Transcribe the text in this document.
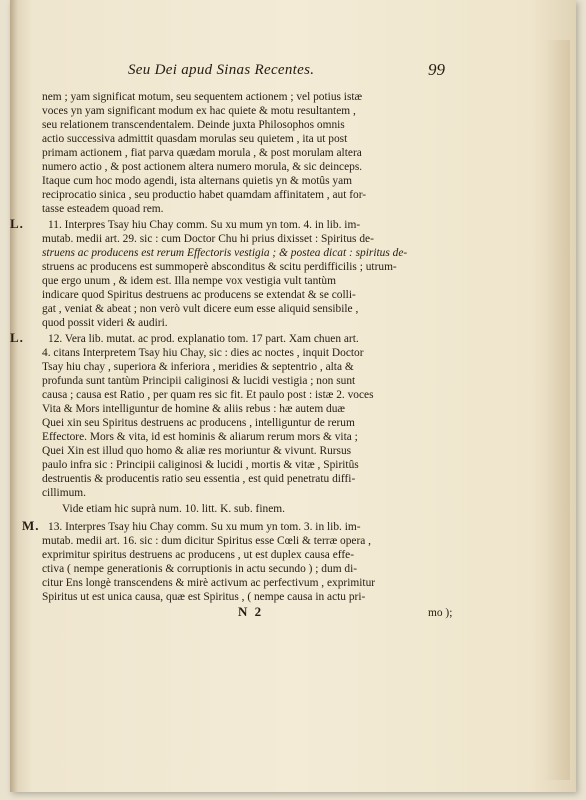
Seu Dei apud Sinas Recentes.	99
nem ; yam significat motum, seu sequentem actionem ; vel potius istæ
voces yn yam significant modum ex hac quiete & motu resultantem ,
seu relationem transcendentalem. Deinde juxta Philosophos omnis
actio successiva admittit quasdam morulas seu quietem , ita ut post
primam actionem , fiat parva quædam morula , & post morulam altera
numero actio , & post actionem altera numero morula, & sic deinceps.
Itaque cum hoc modo agendi, ista alternans quietis yn & motûs yam
reciprocatio sinica , seu productio habet quamdam affinitatem , aut for-
tasse esteadem quoad rem.
L. 11. Interpres Tsay hiu Chay comm. Su xu mum yn tom. 4. in lib. im-
mutab. medii art. 29. sic : cum Doctor Chu hi prius dixisset : Spiritus de-
struens ac producens est rerum Effectoris vestigia ; & postea dicat : spiritus de-
struens ac producens est summoperè absconditus & scitu perdifficilis ; utrum-
que ergo unum , & idem est. Illa nempe vox vestigia vult tantùm
indicare quod Spiritus destruens ac producens se extendat & se colli-
gat , veniat & abeat ; non verò vult dicere eum esse aliquid sensibile ,
quod possit videri & audiri.
L. 12. Vera lib. mutat. ac prod. explanatio tom. 17 part. Xam chuen art.
4. citans Interpretem Tsay hiu Chay, sic : dies ac noctes , inquit Doctor
Tsay hiu chay , superiora & inferiora , meridies & septentrio , alta &
profunda sunt tantùm Principii caliginosi & lucidi vestigia ; non sunt
causa ; causa est Ratio , per quam res sic fit. Et paulo post : istæ 2. voces
Vita & Mors intelliguntur de homine & aliis rebus : hæ autem duæ
Quei xin seu Spiritus destruens ac producens , intelliguntur de rerum
Effectore. Mors & vita, id est hominis & aliarum rerum mors & vita ;
Quei Xin est illud quo homo & aliæ res moriuntur & vivunt. Rursus
paulo infra sic : Principii caliginosi & lucidi , mortis & vitæ , Spiritûs
destruentis & producentis ratio seu essentia , est quid penetratu diffi-
cillimum.
Vide etiam hic suprà num. 10. litt. K. sub. finem.
M. 13. Interpres Tsay hiu Chay comm. Su xu mum yn tom. 3. in lib. im-
mutab. medii art. 16. sic : dum dicitur Spiritus esse Cœli & terræ opera ,
exprimitur spiritus destruens ac producens , ut est duplex causa effe-
ctiva ( nempe generationis & corruptionis in actu secundo ) ; dum di-
citur Ens longè transcendens & mirè activum ac perfectivum , exprimitur
Spiritus ut est unica causa, quæ est Spiritus , ( nempe causa in actu pri-
N 2	mo );
